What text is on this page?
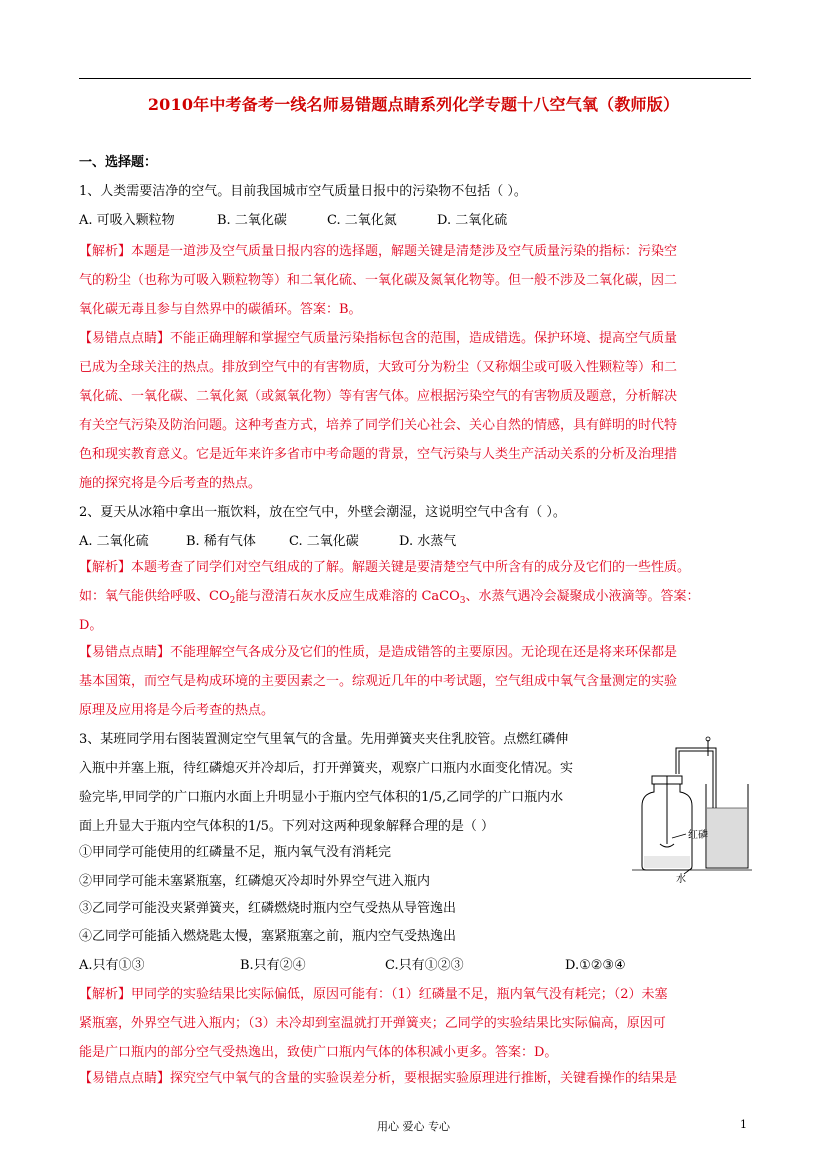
2010年中考备考一线名师易错题点睛系列化学专题十八空气氧（教师版）
一、选择题：
1、人类需要洁净的空气。目前我国城市空气质量日报中的污染物不包括（ ）。
A. 可吸入颗粒物	B. 二氧化碳	C. 二氧化氮	D. 二氧化硫
【解析】本题是一道涉及空气质量日报内容的选择题，解题关键是清楚涉及空气质量污染的指标：污染空
气的粉尘（也称为可吸入颗粒物等）和二氧化硫、一氧化碳及氮氧化物等。但一般不涉及二氧化碳，因二
氧化碳无毒且参与自然界中的碳循环。答案：B。
【易错点点睛】不能正确理解和掌握空气质量污染指标包含的范围，造成错选。保护环境、提高空气质量
已成为全球关注的热点。排放到空气中的有害物质，大致可分为粉尘（又称烟尘或可吸入性颗粒等）和二
氧化硫、一氧化碳、二氧化氮（或氮氧化物）等有害气体。应根据污染空气的有害物质及题意，分析解决
有关空气污染及防治问题。这种考查方式，培养了同学们关心社会、关心自然的情感，具有鲜明的时代特
色和现实教育意义。它是近年来许多省市中考命题的背景，空气污染与人类生产活动关系的分析及治理措
施的探究将是今后考查的热点。
2、夏天从冰箱中拿出一瓶饮料，放在空气中，外壁会潮湿，这说明空气中含有（ ）。
A. 二氧化硫	B. 稀有气体	C. 二氧化碳	D. 水蒸气
【解析】本题考查了同学们对空气组成的了解。解题关键是要清楚空气中所含有的成分及它们的一些性质。
如：氧气能供给呼吸、$CO_2$能与澄清石灰水反应生成难溶的 CaCO$_3$、水蒸气遇冷会凝聚成小液滴等。答案：
D。
【易错点点睛】不能理解空气各成分及它们的性质，是造成错答的主要原因。无论现在还是将来环保都是
基本国策，而空气是构成环境的主要因素之一。综观近几年的中考试题，空气组成中氧气含量测定的实验
原理及应用将是今后考查的热点。
3、某班同学用右图装置测定空气里氧气的含量。先用弹簧夹夹住乳胶管。点燃红磷伸
入瓶中并塞上瓶，待红磷熄灭并冷却后，打开弹簧夹，观察广口瓶内水面变化情况。实
验完毕,甲同学的广口瓶内水面上升明显小于瓶内空气体积的1/5,乙同学的广口瓶内水
面上升显大于瓶内空气体积的1/5。下列对这两种现象解释合理的是（ ）
①甲同学可能使用的红磷量不足，瓶内氧气没有消耗完
②甲同学可能未塞紧瓶塞，红磷熄灭冷却时外界空气进入瓶内
③乙同学可能没夹紧弹簧夹，红磷燃烧时瓶内空气受热从导管逸出
④乙同学可能插入燃烧匙太慢，塞紧瓶塞之前，瓶内空气受热逸出
A.只有①③	B.只有②④	C.只有①②③	D.①②③④
【解析】甲同学的实验结果比实际偏低，原因可能有：（1）红磷量不足，瓶内氧气没有耗完；（2）未塞
紧瓶塞，外界空气进入瓶内；（3）未冷却到室温就打开弹簧夹；乙同学的实验结果比实际偏高，原因可
能是广口瓶内的部分空气受热逸出，致使广口瓶内气体的体积减小更多。答案：D。
【易错点点睛】探究空气中氧气的含量的实验误差分析，要根据实验原理进行推断，关键看操作的结果是
红磷
水
用心 爱心 专心	1
